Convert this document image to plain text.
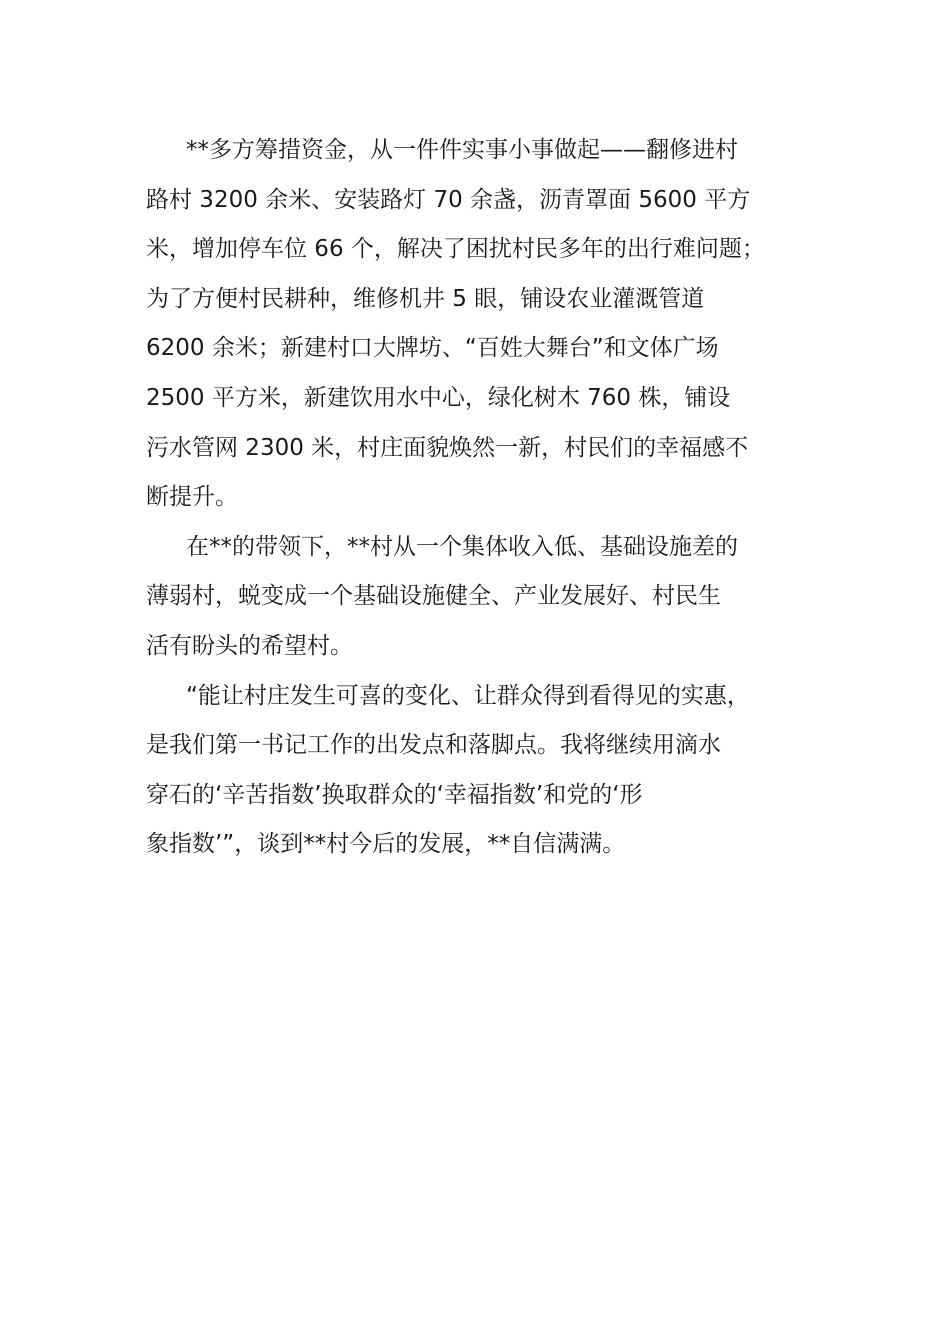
**多方筹措资金，从一件件实事小事做起——翻修进村
路村 3200 余米、安装路灯 70 余盏，沥青罩面 5600 平方
米，增加停车位 66 个，解决了困扰村民多年的出行难问题；
为了方便村民耕种，维修机井 5 眼，铺设农业灌溉管道
6200 余米；新建村口大牌坊、“百姓大舞台”和文体广场
2500 平方米，新建饮用水中心，绿化树木 760 株，铺设
污水管网 2300 米，村庄面貌焕然一新，村民们的幸福感不
断提升。

在**的带领下，**村从一个集体收入低、基础设施差的
薄弱村，蜕变成一个基础设施健全、产业发展好、村民生
活有盼头的希望村。

“能让村庄发生可喜的变化、让群众得到看得见的实惠，
是我们第一书记工作的出发点和落脚点。我将继续用滴水
穿石的‘辛苦指数’换取群众的‘幸福指数’和党的‘形
象指数’”，谈到**村今后的发展，**自信满满。
